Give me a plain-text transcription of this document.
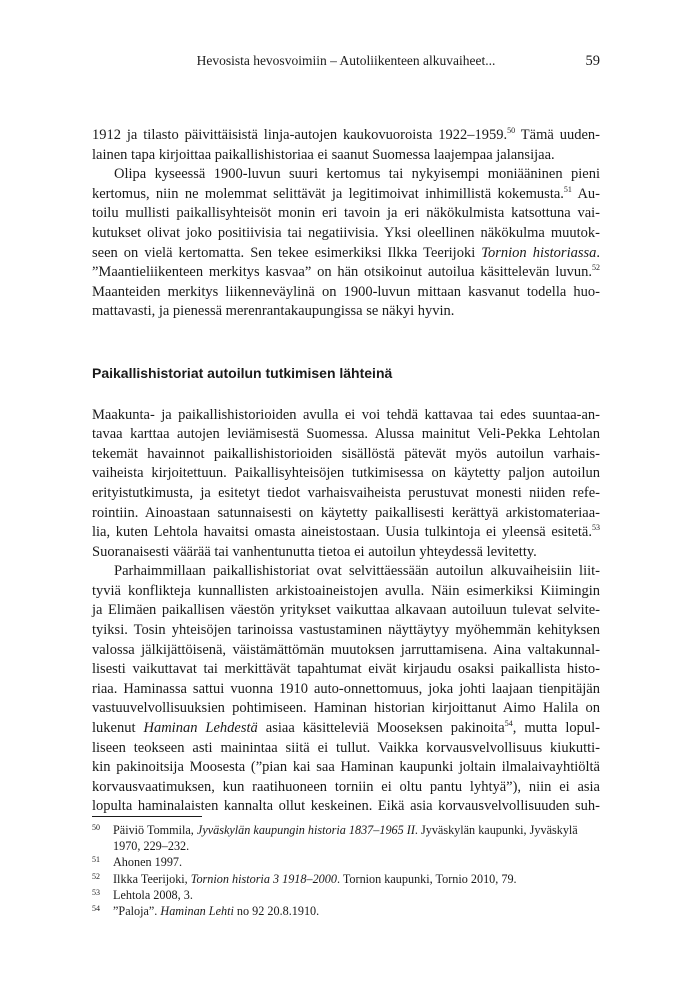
Hevosista hevosvoimiin – Autoliikenteen alkuvaiheet...	59

1912 ja tilasto päivittäisistä linja-autojen kaukovuoroista 1922–1959.50 Tämä uuden-
lainen tapa kirjoittaa paikallishistoriaa ei saanut Suomessa laajempaa jalansijaa.

Olipa kyseessä 1900-luvun suuri kertomus tai nykyisempi moniääninen pieni
kertomus, niin ne molemmat selittävät ja legitimoivat inhimillistä kokemusta.$^{51}$ Au-
toilu mullisti paikallisyhteisöt monin eri tavoin ja eri näkökulmista katsottuna vai-
kutukset olivat joko positiivisia tai negatiivisia. Yksi oleellinen näkökulma muutok-
seen on vielä kertomatta. Sen tekee esimerkiksi Ilkka Teerijoki Tornion historiassa.
”Maantieliikenteen merkitys kasvaa” on hän otsikoinut autoilua käsittelevän luvun.$^{52}$
Maanteiden merkitys liikenneväylinä on 1900-luvun mittaan kasvanut todella huo-
mattavasti, ja pienessä merenrantakaupungissa se näkyi hyvin.

Paikallishistoriat autoilun tutkimisen lähteinä

Maakunta- ja paikallishistorioiden avulla ei voi tehdä kattavaa tai edes suuntaa-an-
tavaa karttaa autojen leviämisestä Suomessa. Alussa mainitut Veli-Pekka Lehtolan
tekemät havainnot paikallishistorioiden sisällöstä pätevät myös autoilun varhais-
vaiheista kirjoitettuun. Paikallisyhteisöjen tutkimisessa on käytetty paljon autoilun
erityistutkimusta, ja esitetyt tiedot varhaisvaiheista perustuvat monesti niiden refe-
rointiin. Ainoastaan satunnaisesti on käytetty paikallisesti kerättyä arkistomateriaa-
lia, kuten Lehtola havaitsi omasta aineistostaan. Uusia tulkintoja ei yleensä esitetä.$^{53}$
Suoranaisesti väärää tai vanhentunutta tietoa ei autoilun yhteydessä levitetty.

Parhaimmillaan paikallishistoriat ovat selvittäessään autoilun alkuvaiheisiin liit-
tyviä konflikteja kunnallisten arkistoaineistojen avulla. Näin esimerkiksi Kiimingin
ja Elimäen paikallisen väestön yritykset vaikuttaa alkavaan autoiluun tulevat selvite-
tyiksi. Tosin yhteisöjen tarinoissa vastustaminen näyttäytyy myöhemmän kehityksen
valossa jälkijättöisenä, väistämättömän muutoksen jarruttamisena. Aina valtakunnal-
lisesti vaikuttavat tai merkittävät tapahtumat eivät kirjaudu osaksi paikallista histo-
riaa. Haminassa sattui vuonna 1910 auto-onnettomuus, joka johti laajaan tienpitäjän
vastuuvelvollisuuksien pohtimiseen. Haminan historian kirjoittanut Aimo Halila on
lukenut Haminan Lehdestä asiaa käsitteleviä Mooseksen pakinoita$^{54}$, mutta lopul-
liseen teokseen asti mainintaa siitä ei tullut. Vaikka korvausvelvollisuus kiukutti-
kin pakinoitsija Moosesta (”pian kai saa Haminan kaupunki joltain ilmalaivayhtiöltä
korvausvaatimuksen, kun raatihuoneen torniin ei oltu pantu lyhtyä”), niin ei asia
lopulta haminalaisten kannalta ollut keskeinen. Eikä asia korvausvelvollisuuden suh-

50 Päiviö Tommila, Jyväskylän kaupungin historia 1837–1965 II. Jyväskylän kaupunki, Jyväskylä
1970, 229–232.
51 Ahonen 1997.
52 Ilkka Teerijoki, Tornion historia 3 1918–2000. Tornion kaupunki, Tornio 2010, 79.
53 Lehtola 2008, 3.
54 ”Paloja”. Haminan Lehti no 92 20.8.1910.
